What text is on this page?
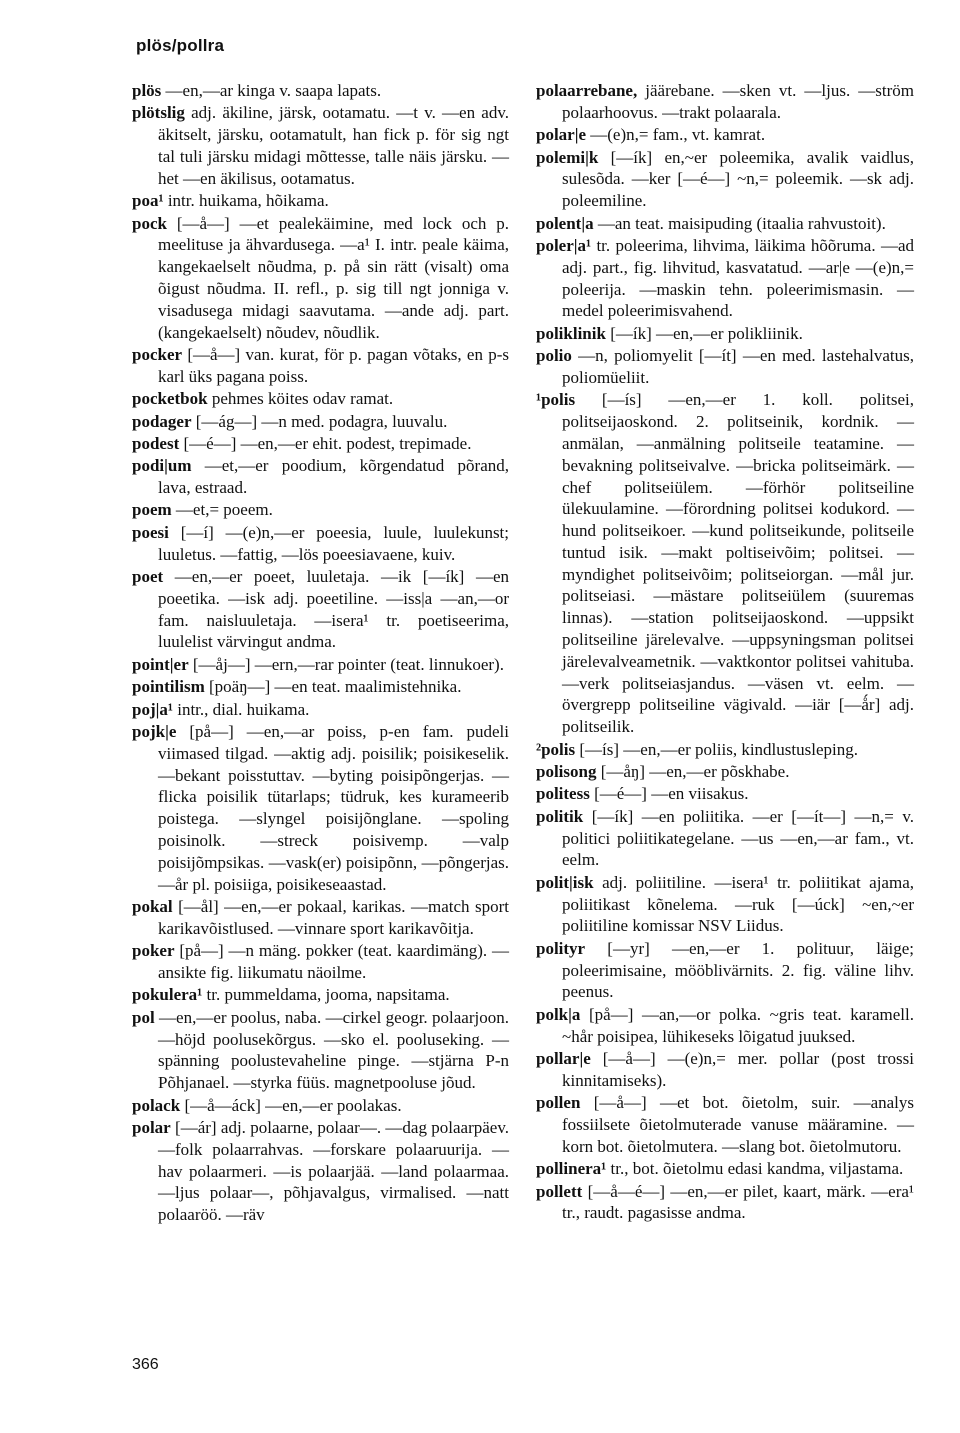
plös/pollra

plös —en,—ar kinga v. saapa lapats.

plötslig adj. äkiline, järsk, ootamatu. —t v. —en adv. äkitselt, järsku, ootamatult, han fick p. för sig ngt tal tuli järsku midagi mõttesse, talle näis järsku. —het —en äkilisus, ootamatus.

poa¹ intr. huikama, hõikama.

pock [—å—] —et pealekäimine, med lock och p. meelituse ja ähvardusega. —a¹ I. intr. peale käima, kangekaelselt nõudma, p. på sin rätt (visalt) oma õigust nõudma. II. refl., p. sig till ngt jonniga v. visadusega midagi saavutama. —ande adj. part. (kangekaelselt) nõudev, nõudlik.

pocker [—å—] van. kurat, för p. pagan võtaks, en p-s karl üks pagana poiss.

pocketbok pehmes köites odav ramat.

podager [—ág—] —n med. podagra, luuvalu.

podest [—é—] —en,—er ehit. podest, trepimade.

podi|um —et,—er poodium, kõrgendatud põrand, lava, estraad.

poem —et,= poeem.

poesi [—í] —(e)n,—er poeesia, luule, luulekunst; luuletus. —fattig, —lös poeesiavaene, kuiv.

poet —en,—er poeet, luuletaja. —ik [—ík] —en poeetika. —isk adj. poeetiline. —iss|a —an,—or fam. naisluuletaja. —isera¹ tr. poetiseerima, luulelist värvingut andma.

point|er [—åj—] —ern,—rar pointer (teat. linnukoer).

pointilism [poäŋ—] —en teat. maalimistehnika.

poj|a¹ intr., dial. huikama.

pojk|e [på—] —en,—ar poiss, p-en fam. pudeli viimased tilgad. —aktig adj. poisilik; poisikeselik. —bekant poisstuttav. —byting poisipõngerjas. —flicka poisilik tütarlaps; tüdruk, kes kurameerib poistega. —slyngel poisijõnglane. —spoling poisinolk. —streck poisivemp. —valp poisijõmpsikas. —vask(er) poisipõnn, —põngerjas. —år pl. poisiiga, poisikeseaastad.

pokal [—ål] —en,—er pokaal, karikas. —match sport karikavõistlused. —vinnare sport karikavõitja.

poker [på—] —n mäng. pokker (teat. kaardimäng). —ansikte fig. liikumatu näoilme.

pokulera¹ tr. pummeldama, jooma, napsitama.

pol —en,—er poolus, naba. —cirkel geogr. polaarjoon. —höjd poolusekõrgus. —sko el. pooluseking. —spänning poolustevaheline pinge. —stjärna P-n Põhjanael. —styrka füüs. magnetpooluse jõud.

polack [—å—áck] —en,—er poolakas.

polar [—ár] adj. polaarne, polaar—. —dag polaarpäev. —folk polaarrahvas. —forskare polaaruurija. —hav polaarmeri. —is polaarjää. —land polaarmaa. —ljus polaar—, põhjavalgus, virmalised. —natt polaaröö. —räv

polaarrebane, jäärebane. —sken vt. —ljus. —ström polaarhoovus. —trakt polaarala.

polar|e —(e)n,= fam., vt. kamrat.

polemi|k [—ík] en,~er poleemika, avalik vaidlus, sulesõda. —ker [—é—] ~n,= poleemik. —sk adj. poleemiline.

polent|a —an teat. maisipuding (itaalia rahvustoit).

poler|a¹ tr. poleerima, lihvima, läikima hõõruma. —ad adj. part., fig. lihvitud, kasvatatud. —ar|e —(e)n,= poleerija. —maskin tehn. poleerimismasin. —medel poleerimisvahend.

poliklinik [—ík] —en,—er polikliinik.

polio —n, poliomyelit [—ít] —en med. lastehalvatus, poliomüeliit.

¹polis [—ís] —en,—er 1. koll. politsei, politseijaoskond. 2. politseinik, kordnik. —anmälan, —anmälning politseile teatamine. —bevakning politseivalve. —bricka politseimärk. —chef politseiülem. —förhör politseiline ülekuulamine. —förordning politsei kodukord. —hund politseikoer. —kund politseikunde, politseile tuntud isik. —makt poltiseivõim; politsei. —myndighet politseivõim; politseiorgan. —mål jur. politseiasi. —mästare politseiülem (suuremas linnas). —station politseijaoskond. —uppsikt politseiline järelevalve. —uppsyningsman politsei järelevalveametnik. —vaktkontor politsei vahituba. —verk politseiasjandus. —väsen vt. eelm. —övergrepp politseiline vägivald. —iär [—ǻr] adj. politseilik.

²polis [—ís] —en,—er poliis, kindlustusleping.

polisong [—åŋ] —en,—er põskhabe.

politess [—é—] —en viisakus.

politik [—ík] —en poliitika. —er [—ít—] —n,= v. politici poliitikategelane. —us —en,—ar fam., vt. eelm.

polit|isk adj. poliitiline. —isera¹ tr. poliitikat ajama, poliitikast kõnelema. —ruk [—úck] ~en,~er poliitiline komissar NSV Liidus.

polityr [—yr] —en,—er 1. polituur, läige; poleerimisaine, mööblivärnits. 2. fig. väline lihv. peenus.

polk|a [på—] —an,—or polka. ~gris teat. karamell. ~hår poisipea, lühikeseks lõigatud juuksed.

pollar|e [—å—] —(e)n,= mer. pollar (post trossi kinnitamiseks).

pollen [—å—] —et bot. õietolm, suir. —analys fossiilsete õietolmuterade vanuse määramine. —korn bot. õietolmutera. —slang bot. õietolmutoru.

pollinera¹ tr., bot. õietolmu edasi kandma, viljastama.

pollett [—å—é—] —en,—er pilet, kaart, märk. —era¹ tr., raudt. pagasisse andma.

366
